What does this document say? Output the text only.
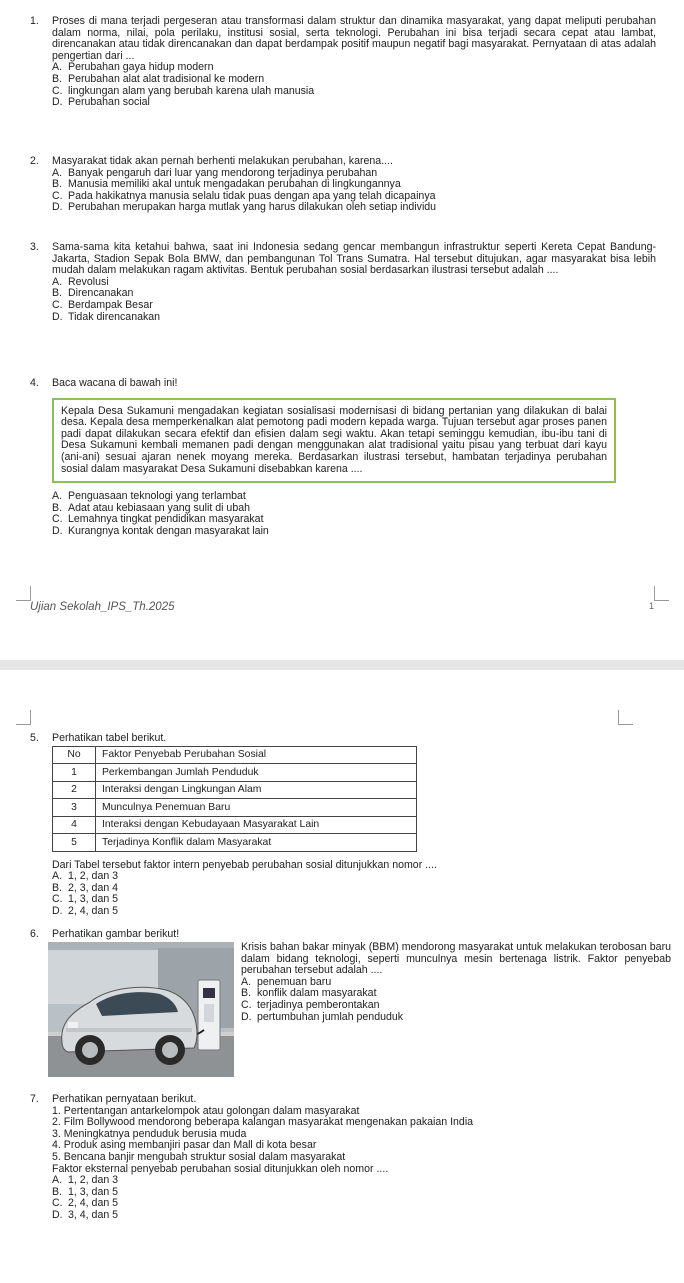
1.	Proses di mana terjadi pergeseran atau transformasi dalam struktur dan dinamika masyarakat, yang dapat meliputi perubahan dalam norma, nilai, pola perilaku, institusi sosial, serta teknologi. Perubahan ini bisa terjadi secara cepat atau lambat, direncanakan atau tidak direncanakan dan dapat berdampak positif maupun negatif bagi masyarakat. Pernyataan di atas adalah pengertian dari ...
A. Perubahan gaya hidup modern
B. Perubahan alat alat tradisional ke modern
C. lingkungan alam yang berubah karena ulah manusia
D. Perubahan social
2.	Masyarakat tidak akan pernah berhenti melakukan perubahan, karena....
A. Banyak pengaruh dari luar yang mendorong terjadinya perubahan
B. Manusia memiliki akal untuk mengadakan perubahan di lingkungannya
C. Pada hakikatnya manusia selalu tidak puas dengan apa yang telah dicapainya
D. Perubahan merupakan harga mutlak yang harus dilakukan oleh setiap individu
3.	Sama-sama kita ketahui bahwa, saat ini Indonesia sedang gencar membangun infrastruktur seperti Kereta Cepat Bandung-Jakarta, Stadion Sepak Bola BMW, dan pembangunan Tol Trans Sumatra. Hal tersebut ditujukan, agar masyarakat bisa lebih mudah dalam melakukan ragam aktivitas. Bentuk perubahan sosial berdasarkan ilustrasi tersebut adalah ....
A. Revolusi
B. Direncanakan
C. Berdampak Besar
D. Tidak direncanakan
4.	Baca wacana di bawah ini!
Kepala Desa Sukamuni mengadakan kegiatan sosialisasi modernisasi di bidang pertanian yang dilakukan di balai desa. Kepala desa memperkenalkan alat pemotong padi modern kepada warga. Tujuan tersebut agar proses panen padi dapat dilakukan secara efektif dan efisien dalam segi waktu. Akan tetapi seminggu kemudian, ibu-ibu tani di Desa Sukamuni kembali memanen padi dengan menggunakan alat tradisional yaitu pisau yang terbuat dari kayu (ani-ani) sesuai ajaran nenek moyang mereka. Berdasarkan ilustrasi tersebut, hambatan terjadinya perubahan sosial dalam masyarakat Desa Sukamuni disebabkan karena ....
A. Penguasaan teknologi yang terlambat
B. Adat atau kebiasaan yang sulit di ubah
C. Lemahnya tingkat pendidikan masyarakat
D. Kurangnya kontak dengan masyarakat lain
Ujian Sekolah_IPS_Th.2025	1
5.	Perhatikan tabel berikut.
No	Faktor Penyebab Perubahan Sosial
1	Perkembangan Jumlah Penduduk
2	Interaksi dengan Lingkungan Alam
3	Munculnya Penemuan Baru
4	Interaksi dengan Kebudayaan Masyarakat Lain
5	Terjadinya Konflik dalam Masyarakat
Dari Tabel tersebut faktor intern penyebab perubahan sosial ditunjukkan nomor ....
A. 1, 2, dan 3
B. 2, 3, dan 4
C. 1, 3, dan 5
D. 2, 4, dan 5
6.	Perhatikan gambar berikut!
Krisis bahan bakar minyak (BBM) mendorong masyarakat untuk melakukan terobosan baru dalam bidang teknologi, seperti munculnya mesin bertenaga listrik. Faktor penyebab perubahan tersebut adalah ....
A. penemuan baru
B. konflik dalam masyarakat
C. terjadinya pemberontakan
D. pertumbuhan jumlah penduduk
7.	Perhatikan pernyataan berikut.
1. Pertentangan antarkelompok atau golongan dalam masyarakat
2. Film Bollywood mendorong beberapa kalangan masyarakat mengenakan pakaian India
3. Meningkatnya penduduk berusia muda
4. Produk asing membanjiri pasar dan Mall di kota besar
5. Bencana banjir mengubah struktur sosial dalam masyarakat
Faktor eksternal penyebab perubahan sosial ditunjukkan oleh nomor ....
A. 1, 2, dan 3
B. 1, 3, dan 5
C. 2, 4, dan 5
D. 3, 4, dan 5
